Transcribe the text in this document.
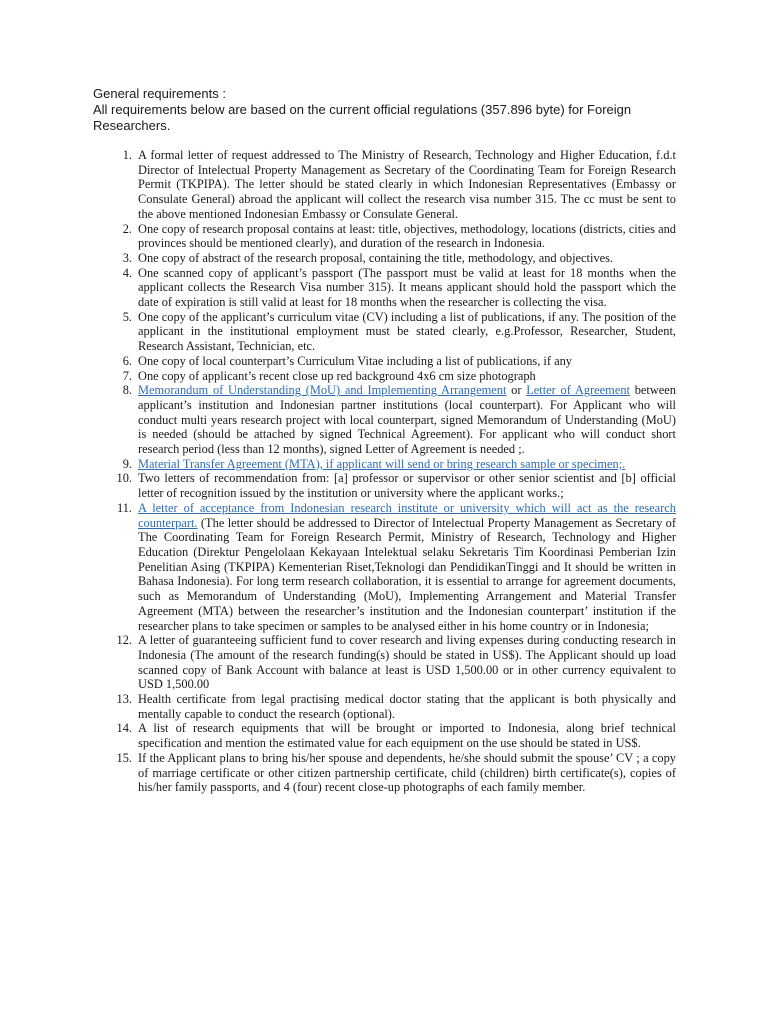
General requirements :

All requirements below are based on the current official regulations (357.896 byte) for Foreign Researchers.

1. A formal letter of request addressed to The Ministry of Research, Technology and Higher Education, f.d.t Director of Intelectual Property Management as Secretary of the Coordinating Team for Foreign Research Permit (TKPIPA). The letter should be stated clearly in which Indonesian Representatives (Embassy or Consulate General) abroad the applicant will collect the research visa number 315. The cc must be sent to the above mentioned Indonesian Embassy or Consulate General.
2. One copy of research proposal contains at least: title, objectives, methodology, locations (districts, cities and provinces should be mentioned clearly), and duration of the research in Indonesia.
3. One copy of abstract of the research proposal, containing the title, methodology, and objectives.
4. One scanned copy of applicant’s passport (The passport must be valid at least for 18 months when the applicant collects the Research Visa number 315). It means applicant should hold the passport which the date of expiration is still valid at least for 18 months when the researcher is collecting the visa.
5. One copy of the applicant’s curriculum vitae (CV) including a list of publications, if any. The position of the applicant in the institutional employment must be stated clearly, e.g.Professor, Researcher, Student, Research Assistant, Technician, etc.
6. One copy of local counterpart’s Curriculum Vitae including a list of publications, if any
7. One copy of applicant’s recent close up red background 4x6 cm size photograph
8. Memorandum of Understanding (MoU) and Implementing Arrangement or Letter of Agreement between applicant’s institution and Indonesian partner institutions (local counterpart). For Applicant who will conduct multi years research project with local counterpart, signed Memorandum of Understanding (MoU) is needed (should be attached by signed Technical Agreement). For applicant who will conduct short research period (less than 12 months), signed Letter of Agreement is needed ;.
9. Material Transfer Agreement (MTA), if applicant will send or bring research sample or specimen;.
10. Two letters of recommendation from: [a] professor or supervisor or other senior scientist and [b] official letter of recognition issued by the institution or university where the applicant works.;
11. A letter of acceptance from Indonesian research institute or university which will act as the research counterpart. (The letter should be addressed to Director of Intelectual Property Management as Secretary of The Coordinating Team for Foreign Research Permit, Ministry of Research, Technology and Higher Education (Direktur Pengelolaan Kekayaan Intelektual selaku Sekretaris Tim Koordinasi Pemberian Izin Penelitian Asing (TKPIPA) Kementerian Riset,Teknologi dan PendidikanTinggi and It should be written in Bahasa Indonesia). For long term research collaboration, it is essential to arrange for agreement documents, such as Memorandum of Understanding (MoU), Implementing Arrangement and Material Transfer Agreement (MTA) between the researcher’s institution and the Indonesian counterpart’ institution if the researcher plans to take specimen or samples to be analysed either in his home country or in Indonesia;
12. A letter of guaranteeing sufficient fund to cover research and living expenses during conducting research in Indonesia (The amount of the research funding(s) should be stated in US$). The Applicant should up load scanned copy of Bank Account with balance at least is USD 1,500.00 or in other currency equivalent to USD 1,500.00
13. Health certificate from legal practising medical doctor stating that the applicant is both physically and mentally capable to conduct the research (optional).
14. A list of research equipments that will be brought or imported to Indonesia, along brief technical specification and mention the estimated value for each equipment on the use should be stated in US$.
15. If the Applicant plans to bring his/her spouse and dependents, he/she should submit the spouse’ CV ; a copy of marriage certificate or other citizen partnership certificate, child (children) birth certificate(s), copies of his/her family passports, and 4 (four) recent close-up photographs of each family member.
